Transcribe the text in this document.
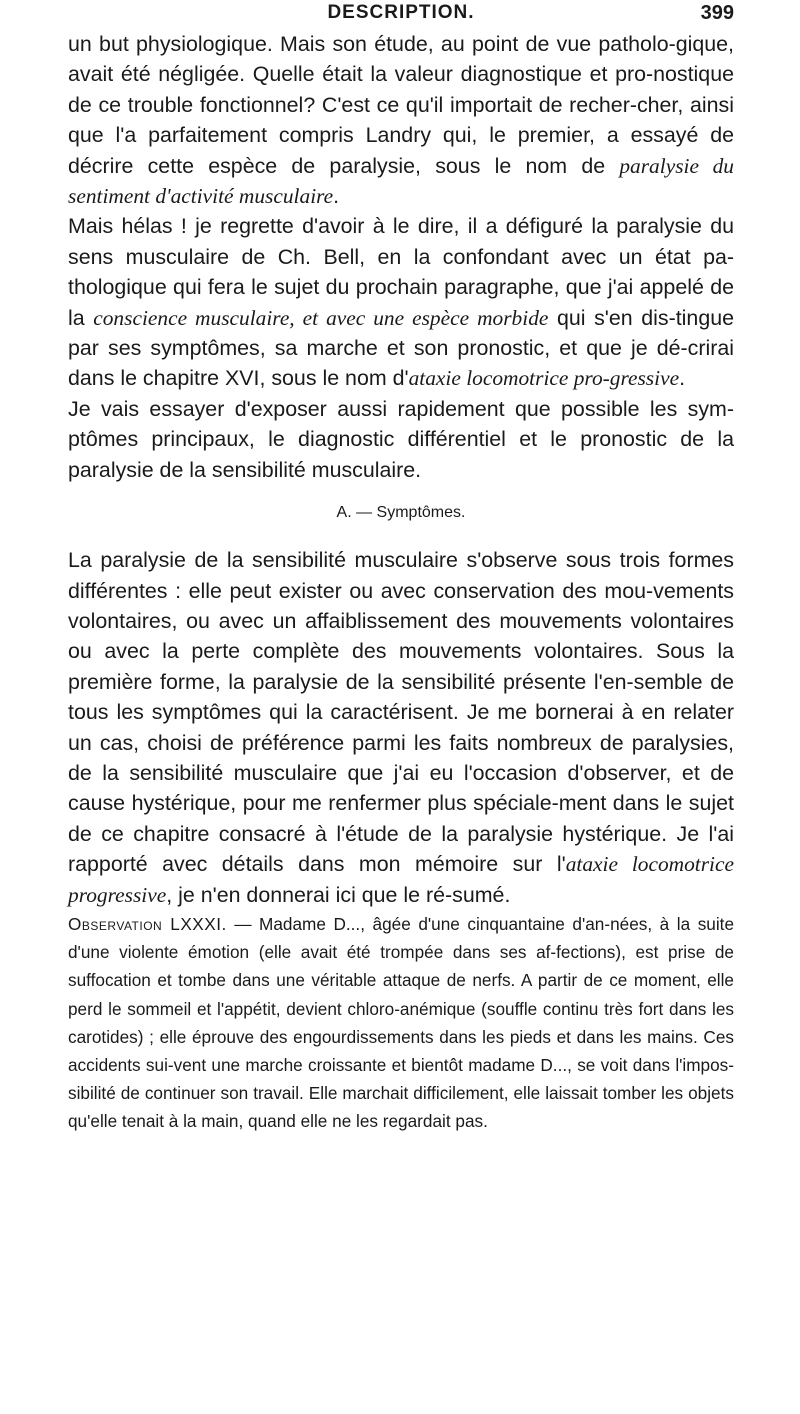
DESCRIPTION.	399

un but physiologique. Mais son étude, au point de vue patholo-gique, avait été négligée. Quelle était la valeur diagnostique et pro-nostique de ce trouble fonctionnel? C'est ce qu'il importait de recher-cher, ainsi que l'a parfaitement compris Landry qui, le premier, a essayé de décrire cette espèce de paralysie, sous le nom de paralysie du sentiment d'activité musculaire.

Mais hélas ! je regrette d'avoir à le dire, il a défiguré la paralysie du sens musculaire de Ch. Bell, en la confondant avec un état pa-thologique qui fera le sujet du prochain paragraphe, que j'ai appelé de la conscience musculaire, et avec une espèce morbide qui s'en dis-tingue par ses symptômes, sa marche et son pronostic, et que je dé-crirai dans le chapitre XVI, sous le nom d'ataxie locomotrice pro-gressive.

Je vais essayer d'exposer aussi rapidement que possible les sym-ptômes principaux, le diagnostic différentiel et le pronostic de la paralysie de la sensibilité musculaire.

A. — Symptômes.

La paralysie de la sensibilité musculaire s'observe sous trois formes différentes : elle peut exister ou avec conservation des mou-vements volontaires, ou avec un affaiblissement des mouvements volontaires ou avec la perte complète des mouvements volontaires. Sous la première forme, la paralysie de la sensibilité présente l'en-semble de tous les symptômes qui la caractérisent. Je me bornerai à en relater un cas, choisi de préférence parmi les faits nombreux de paralysies, de la sensibilité musculaire que j'ai eu l'occasion d'observer, et de cause hystérique, pour me renfermer plus spéciale-ment dans le sujet de ce chapitre consacré à l'étude de la paralysie hystérique. Je l'ai rapporté avec détails dans mon mémoire sur l'ataxie locomotrice progressive, je n'en donnerai ici que le ré-sumé.

Observation LXXXI. — Madame D..., âgée d'une cinquantaine d'an-nées, à la suite d'une violente émotion (elle avait été trompée dans ses af-fections), est prise de suffocation et tombe dans une véritable attaque de nerfs. A partir de ce moment, elle perd le sommeil et l'appétit, devient chloro-anémique (souffle continu très fort dans les carotides) ; elle éprouve des engourdissements dans les pieds et dans les mains. Ces accidents sui-vent une marche croissante et bientôt madame D..., se voit dans l'impos-sibilité de continuer son travail. Elle marchait difficilement, elle laissait tomber les objets qu'elle tenait à la main, quand elle ne les regardait pas.
